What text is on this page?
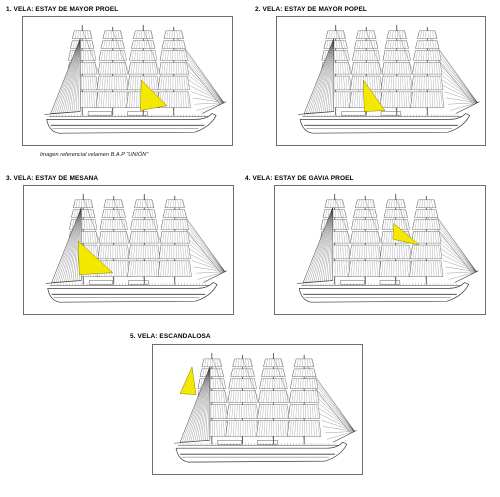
1. VELA: ESTAY DE MAYOR PROEL
Imagen referencial velamen B.A.P "UNIÓN"
2. VELA: ESTAY DE MAYOR POPEL
3. VELA: ESTAY DE MESANA	4. VELA: ESTAY DE GAVIA PROEL
5. VELA: ESCANDALOSA
